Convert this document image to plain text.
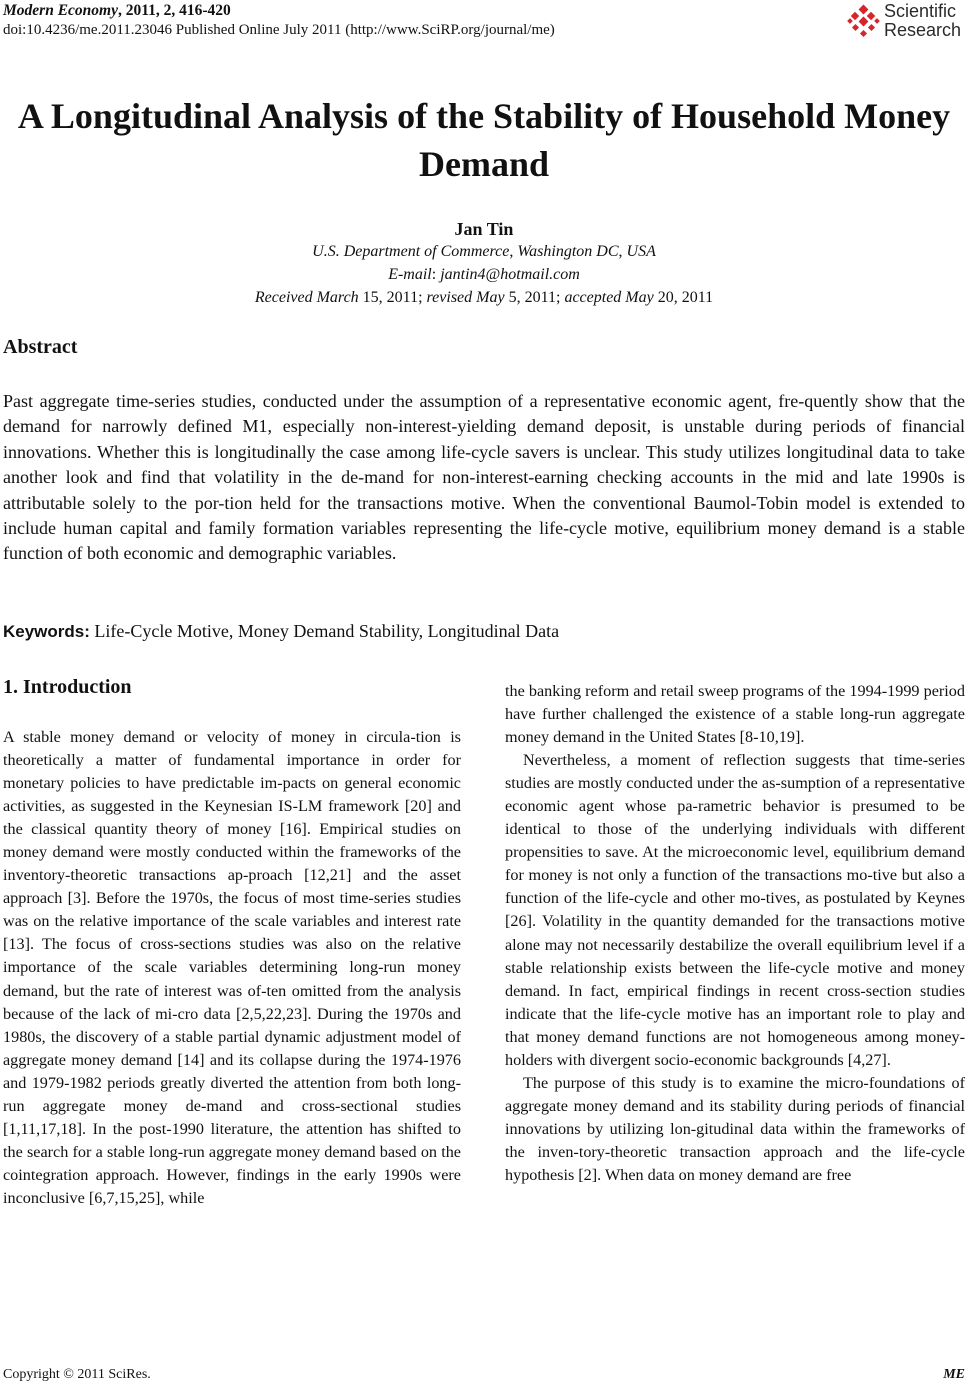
Modern Economy, 2011, 2, 416-420
doi:10.4236/me.2011.23046 Published Online July 2011 (http://www.SciRP.org/journal/me)
Scientific
Research
A Longitudinal Analysis of the Stability of Household Money Demand
Jan Tin
U.S. Department of Commerce, Washington DC, USA
E-mail: jantin4@hotmail.com
Received March 15, 2011; revised May 5, 2011; accepted May 20, 2011
Abstract
Past aggregate time-series studies, conducted under the assumption of a representative economic agent, fre-quently show that the demand for narrowly defined M1, especially non-interest-yielding demand deposit, is unstable during periods of financial innovations. Whether this is longitudinally the case among life-cycle savers is unclear. This study utilizes longitudinal data to take another look and find that volatility in the de-mand for non-interest-earning checking accounts in the mid and late 1990s is attributable solely to the por-tion held for the transactions motive. When the conventional Baumol-Tobin model is extended to include human capital and family formation variables representing the life-cycle motive, equilibrium money demand is a stable function of both economic and demographic variables.
Keywords: Life-Cycle Motive, Money Demand Stability, Longitudinal Data
1. Introduction

A stable money demand or velocity of money in circula-tion is theoretically a matter of fundamental importance in order for monetary policies to have predictable im-pacts on general economic activities, as suggested in the Keynesian IS-LM framework [20] and the classical quantity theory of money [16]. Empirical studies on money demand were mostly conducted within the frameworks of the inventory-theoretic transactions ap-proach [12,21] and the asset approach [3]. Before the 1970s, the focus of most time-series studies was on the relative importance of the scale variables and interest rate [13]. The focus of cross-sections studies was also on the relative importance of the scale variables determining long-run money demand, but the rate of interest was of-ten omitted from the analysis because of the lack of mi-cro data [2,5,22,23]. During the 1970s and 1980s, the discovery of a stable partial dynamic adjustment model of aggregate money demand [14] and its collapse during the 1974-1976 and 1979-1982 periods greatly diverted the attention from both long-run aggregate money de-mand and cross-sectional studies [1,11,17,18]. In the post-1990 literature, the attention has shifted to the search for a stable long-run aggregate money demand based on the cointegration approach. However, findings in the early 1990s were inconclusive [6,7,15,25], while

the banking reform and retail sweep programs of the 1994-1999 period have further challenged the existence of a stable long-run aggregate money demand in the United States [8-10,19].

Nevertheless, a moment of reflection suggests that time-series studies are mostly conducted under the as-sumption of a representative economic agent whose pa-rametric behavior is presumed to be identical to those of the underlying individuals with different propensities to save. At the microeconomic level, equilibrium demand for money is not only a function of the transactions mo-tive but also a function of the life-cycle and other mo-tives, as postulated by Keynes [26]. Volatility in the quantity demanded for the transactions motive alone may not necessarily destabilize the overall equilibrium level if a stable relationship exists between the life-cycle motive and money demand. In fact, empirical findings in recent cross-section studies indicate that the life-cycle motive has an important role to play and that money demand functions are not homogeneous among money-holders with divergent socio-economic backgrounds [4,27].

The purpose of this study is to examine the micro-foundations of aggregate money demand and its stability during periods of financial innovations by utilizing lon-gitudinal data within the frameworks of the inven-tory-theoretic transaction approach and the life-cycle hypothesis [2]. When data on money demand are free

Copyright © 2011 SciRes.	ME
